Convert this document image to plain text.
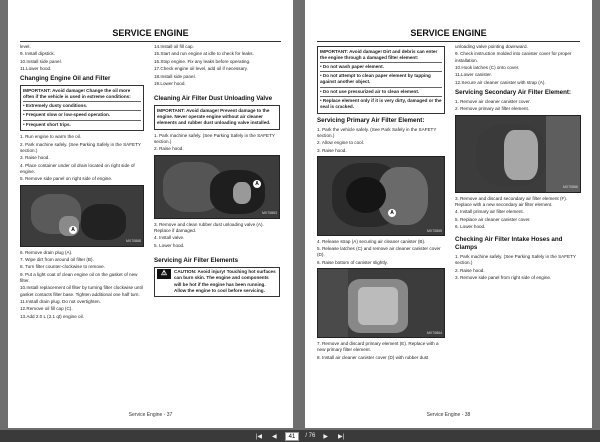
SERVICE ENGINE

level.

9. Install dipstick.

10.Install side panel.

11.Lower hood.

Changing Engine Oil and Filter

IMPORTANT: Avoid damage! Change the oil more often if the vehicle is used in extreme conditions:

• Extremely dusty conditions.

• Frequent slow or low-speed operation.

• Frequent short trips.

1. Run engine to warm the oil.

2. Park machine safely. (See Parking Safely in the SAFETY section.)

3. Raise hood.

4. Place container under oil drain located on right side of engine.

5. Remove side panel on right side of engine.

A
MX70868

6. Remove drain plug (A).

7. Wipe dirt from around oil filter (B).

8. Turn filter counter-clockwise to remove.

9. Put a light coat of clean engine oil on the gasket of new filter.

10.Install replacement oil filter by turning filter clockwise until gasket contacts filter base. Tighten additional one half turn.

11.Install drain plug. Do not overtighten.

12.Remove oil fill cap (C).

13.Add 2.0 L (2.1 qt) engine oil.

14.Install oil fill cap.

15.Start and run engine at idle to check for leaks.

16.Stop engine. Fix any leaks before operating.

17.Check engine oil level, add oil if necessary.

18.Install side panel.

19.Lower hood.

Cleaning Air Filter Dust Unloading Valve

IMPORTANT: Avoid damage! Prevent damage to the engine. Never operate engine without air cleaner elements and rubber dust unloading valve installed.

1. Park machine safely. (See Parking Safely in the SAFETY section.)

2. Raise hood.

A
MX70863

3. Remove and clean rubber dust unloading valve (A). Replace if damaged.

4. Install valve.

5. Lower hood.

Servicing Air Filter Elements
⚠	CAUTION: Avoid injury! Touching hot surfaces can burn skin. The engine and components will be hot if the engine has been running. Allow the engine to cool before servicing.
Service Engine - 37
SERVICE ENGINE

IMPORTANT: Avoid damage! Dirt and debris can enter the engine through a damaged filter element:

• Do not wash paper element.

• Do not attempt to clean paper element by tapping against another object.

• Do not use pressurized air to clean element.

• Replace element only if it is very dirty, damaged or the seal is cracked.

Servicing Primary Air Filter Element:

1. Park the vehicle safely. (See Park Safely in the SAFETY section.)

2. Allow engine to cool.

3. Raise hood.

A
MX70865

4. Release strap (A) securing air cleaner canister (B).

5. Release latches (C) and remove air cleaner canister cover (D).

6. Raise bottom of canister slightly.

MX70864

7. Remove and discard primary element (E). Replace with a new primary filter element.

8. Install air cleaner canister cover (D) with rubber dust

unloading valve pointing downward.

9. Check instruction molded into canister cover for proper installation.

10.Hook latches (C) onto cover.

11.Lower canister.

12.Secure air cleaner canister with strap (A).

Servicing Secondary Air Filter Element:

1. Remove air cleaner canister cover.

2. Remove primary air filter element.

MX70866

3. Remove and discard secondary air filter element (F). Replace with a new secondary air filter element.

4. Install primary air filter element.

5. Replace air cleaner canister cover.

6. Lower hood.

Checking Air Filter Intake Hoses and Clamps

1. Park machine safely. (See Parking Safely in the SAFETY section.)

2. Raise hood.

3. Remove side panel from right side of engine.

Service Engine - 38
|◀	◀	41	/ 76	▶	▶|
